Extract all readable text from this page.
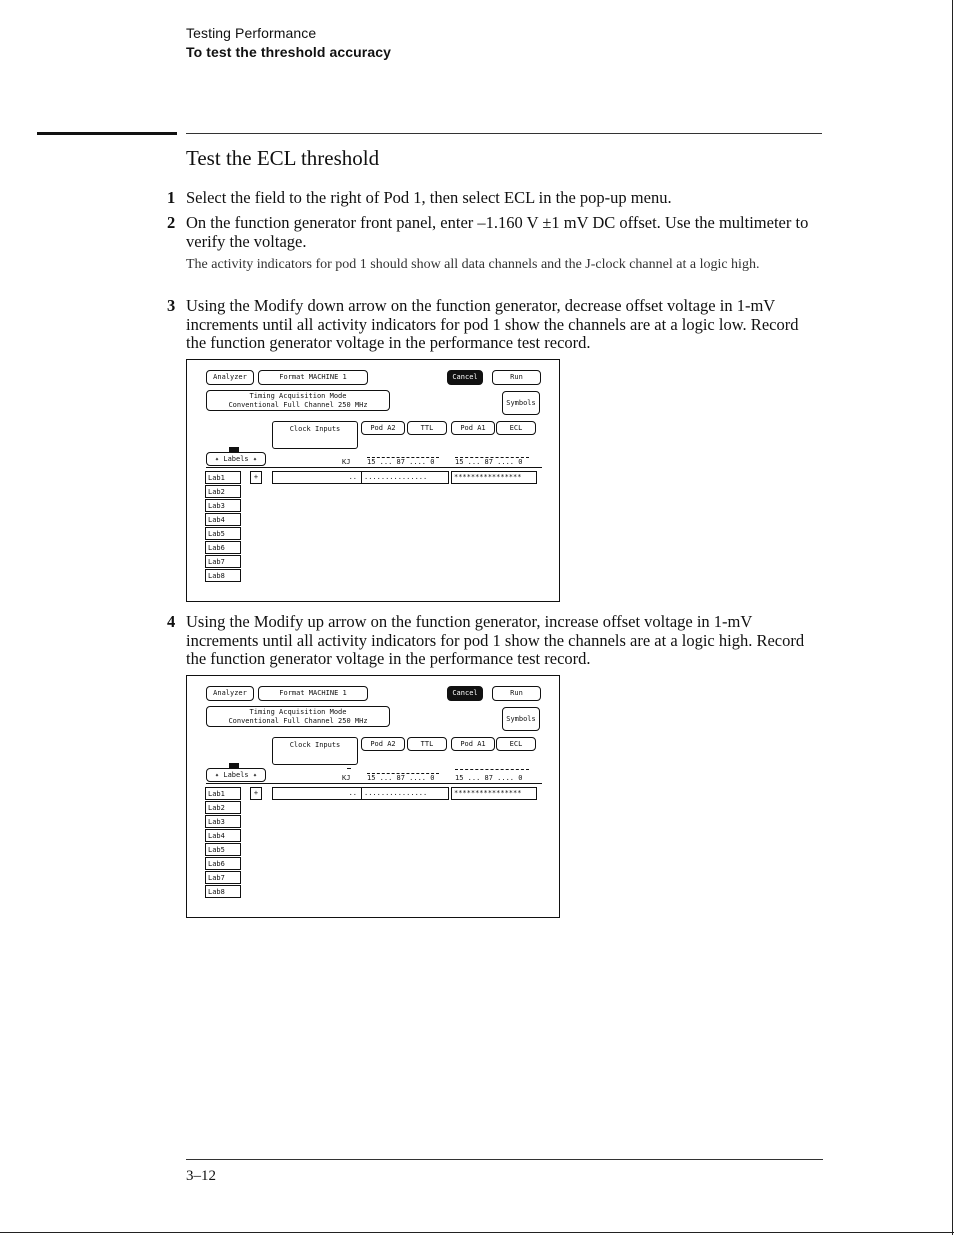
Testing Performance
To test the threshold accuracy
Test the ECL threshold
1 Select the field to the right of Pod 1, then select ECL in the pop-up menu.
2 On the function generator front panel, enter –1.160 V ±1 mV DC offset. Use the multimeter to verify the voltage.
The activity indicators for pod 1 should show all data channels and the J-clock channel at a logic high.
3 Using the Modify down arrow on the function generator, decrease offset voltage in 1-mV increments until all activity indicators for pod 1 show the channels are at a logic low. Record the function generator voltage in the performance test record.
Analyzer	Format MACHINE 1	Cancel	Run
Timing Acquisition Mode
Conventional Full Channel 250 MHz	Symbols
Clock Inputs	Pod A2	TTL	Pod A1	ECL
✦ Labels ✦	KJ 15 ... 87 .... 0	15 ... 87 .... 0
+	..	...............	****************
Lab1
Lab2
Lab3
Lab4
Lab5
Lab6
Lab7
Lab8
4 Using the Modify up arrow on the function generator, increase offset voltage in 1-mV increments until all activity indicators for pod 1 show the channels are at a logic high. Record the function generator voltage in the performance test record.
Analyzer	Format MACHINE 1	Cancel	Run
Timing Acquisition Mode
Conventional Full Channel 250 MHz	Symbols
Clock Inputs	Pod A2	TTL	Pod A1	ECL
✦ Labels ✦	KJ 15 ... 87 .... 0	15 ... 87 .... 0
+	..	...............	****************
Lab1
Lab2
Lab3
Lab4
Lab5
Lab6
Lab7
Lab8
3–12
